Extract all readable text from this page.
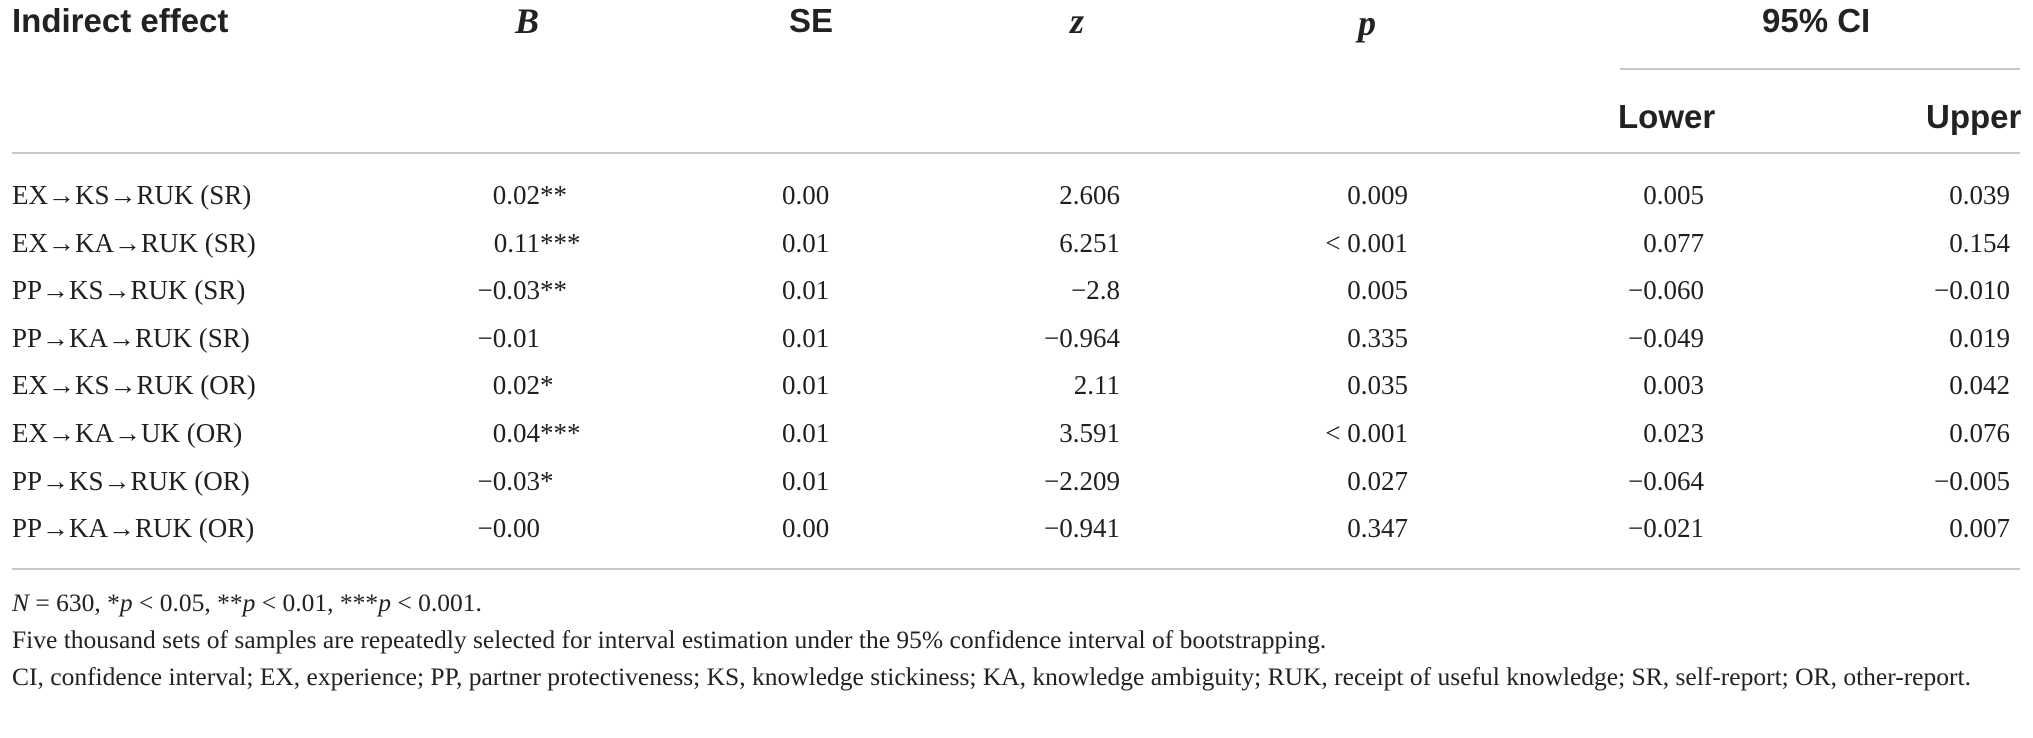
Indirect effect	B	SE	z	p	95% CI
Lower	Upper
EX→KS→RUK (SR)	0.02**	0.00	2.606	0.009	0.005	0.039
EX→KA→RUK (SR)	0.11***	0.01	6.251	< 0.001	0.077	0.154
PP→KS→RUK (SR)	−0.03**	0.01	−2.8	0.005	−0.060	−0.010
PP→KA→RUK (SR)	−0.01	0.01	−0.964	0.335	−0.049	0.019
EX→KS→RUK (OR)	0.02*	0.01	2.11	0.035	0.003	0.042
EX→KA→UK (OR)	0.04***	0.01	3.591	< 0.001	0.023	0.076
PP→KS→RUK (OR)	−0.03*	0.01	−2.209	0.027	−0.064	−0.005
PP→KA→RUK (OR)	−0.00	0.00	−0.941	0.347	−0.021	0.007

N = 630, *p < 0.05, **p < 0.01, ***p < 0.001.

Five thousand sets of samples are repeatedly selected for interval estimation under the 95% confidence interval of bootstrapping.

CI, confidence interval; EX, experience; PP, partner protectiveness; KS, knowledge stickiness; KA, knowledge ambiguity; RUK, receipt of useful knowledge; SR, self-report; OR, other-report.
